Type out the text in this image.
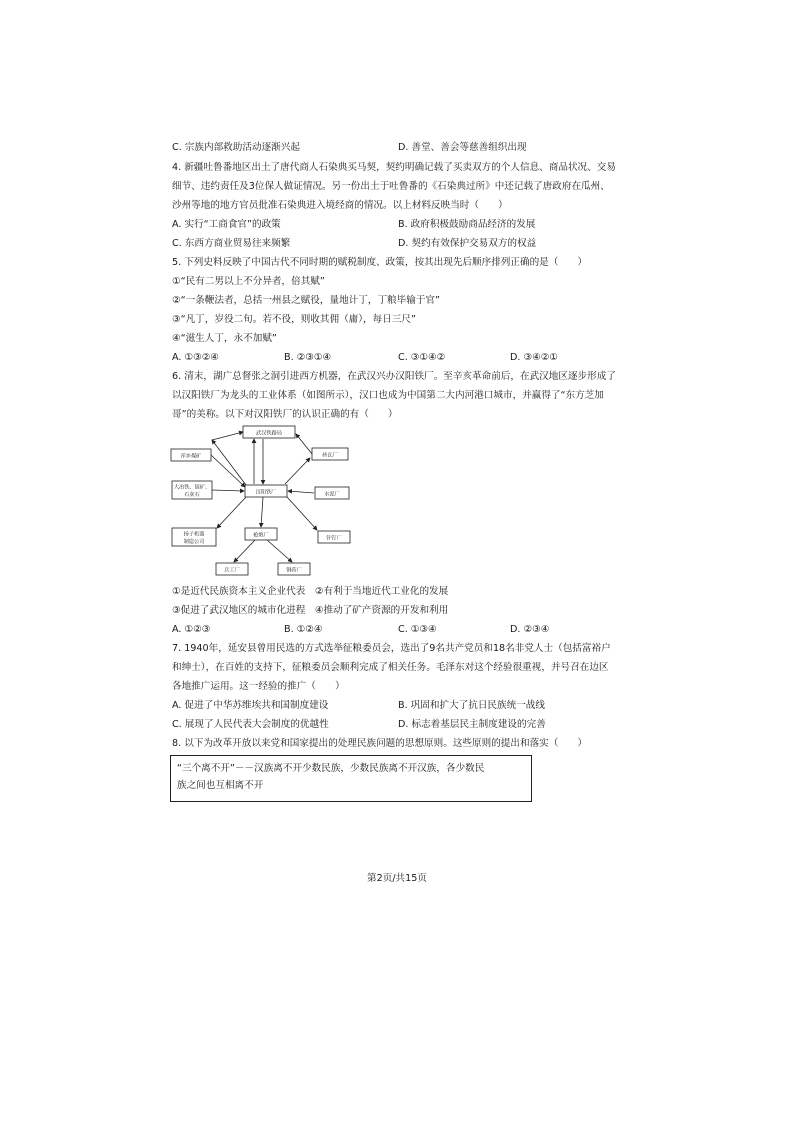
C. 宗族内部救助活动逐渐兴起	D. 善堂、善会等慈善组织出现
4. 新疆吐鲁番地区出土了唐代商人石染典买马契，契约明确记载了买卖双方的个人信息、商品状况、交易
细节、违约责任及3位保人做证情况。另一份出土于吐鲁番的《石染典过所》中还记载了唐政府在瓜州、
沙州等地的地方官员批准石染典进入境经商的情况。以上材料反映当时（　　）
A. 实行“工商食官”的政策	B. 政府积极鼓励商品经济的发展
C. 东西方商业贸易往来频繁	D. 契约有效保护交易双方的权益
5. 下列史料反映了中国古代不同时期的赋税制度、政策，按其出现先后顺序排列正确的是（　　）
①“民有二男以上不分异者，倍其赋”
②“一条鞭法者，总括一州县之赋役，量地计丁，丁粮毕输于官”
③“凡丁，岁役二旬。若不役，则收其佣（庸），每日三尺”
④“滋生人丁，永不加赋”
A. ①③②④	B. ②③①④	C. ③①④②	D. ③④②①
6. 清末，湖广总督张之洞引进西方机器，在武汉兴办汉阳铁厂。至辛亥革命前后，在武汉地区逐步形成了
以汉阳铁厂为龙头的工业体系（如图所示），汉口也成为中国第二大内河港口城市，并赢得了“东方芝加
哥”的美称。以下对汉阳铁厂的认识正确的有（　　）
武汉铁路局
萍乡煤矿
大冶铁、锰矿、
石灰石	汉阳铁厂
扬子机器
制造公司
砖瓦厂
水泥厂
针钉厂
枪炮厂
兵工厂	钢药厂
①是近代民族资本主义企业代表　②有利于当地近代工业化的发展
③促进了武汉地区的城市化进程　④推动了矿产资源的开发和利用
A. ①②③	B. ①②④	C. ①③④	D. ②③④
7. 1940年，延安县曾用民选的方式选举征粮委员会，选出了9名共产党员和18名非党人士（包括富裕户
和绅士），在百姓的支持下，征粮委员会顺利完成了相关任务。毛泽东对这个经验很重视，并号召在边区
各地推广运用。这一经验的推广（　　）
A. 促进了中华苏维埃共和国制度建设	B. 巩固和扩大了抗日民族统一战线
C. 展现了人民代表大会制度的优越性	D. 标志着基层民主制度建设的完善
8. 以下为改革开放以来党和国家提出的处理民族问题的思想原则。这些原则的提出和落实（　　）
“三个离不开”－－汉族离不开少数民族，少数民族离不开汉族，各少数民
族之间也互相离不开
第2页/共15页
